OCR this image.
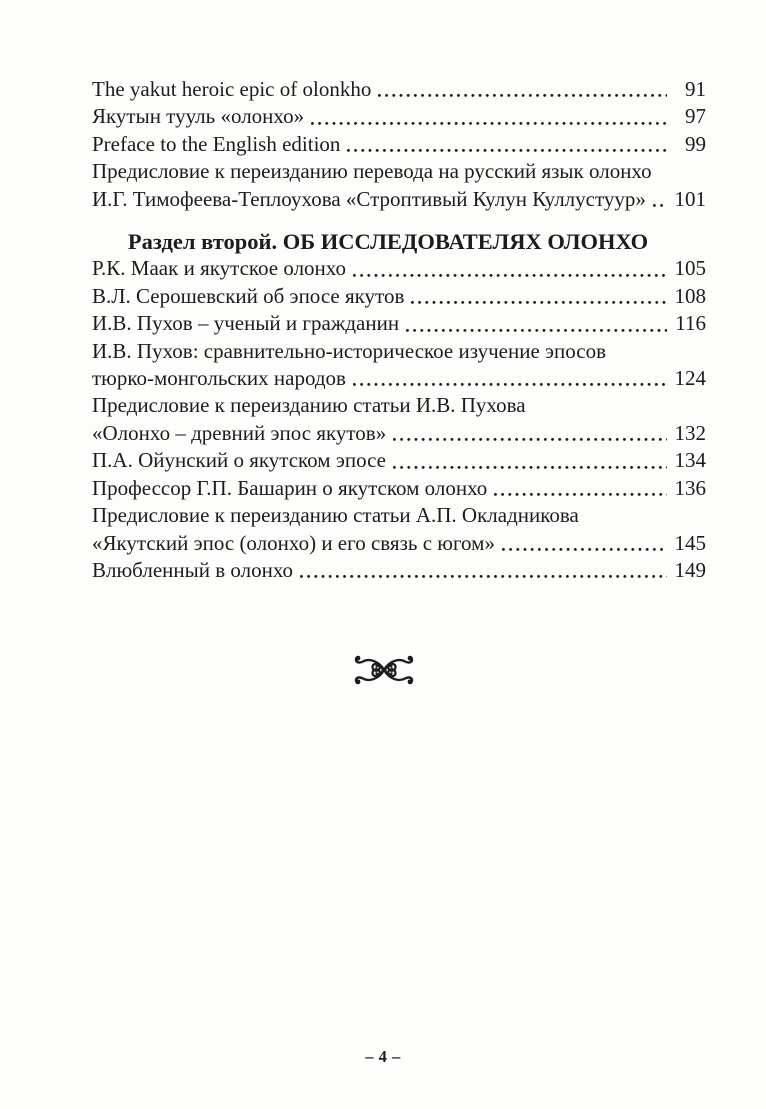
The yakut heroic epic of olonkho	91
Якутын тууль «олонхо»	97
Preface to the English edition	99
Предисловие к переизданию перевода на русский язык олонхо
И.Г. Тимофеева-Теплоухова «Строптивый Кулун Куллустуур» 101
Раздел второй. ОБ ИССЛЕДОВАТЕЛЯХ ОЛОНХО
Р.К. Маак и якутское олонхо	105
В.Л. Серошевский об эпосе якутов	108
И.В. Пухов – ученый и гражданин	116
И.В. Пухов: сравнительно-историческое изучение эпосов
тюрко-монгольских народов	124
Предисловие к переизданию статьи И.В. Пухова
«Олонхо – древний эпос якутов»	132
П.А. Ойунский о якутском эпосе	134
Профессор Г.П. Башарин о якутском олонхо	136
Предисловие к переизданию статьи А.П. Окладникова
«Якутский эпос (олонхо) и его связь с югом»	145
Влюбленный в олонхо	149
– 4 –
